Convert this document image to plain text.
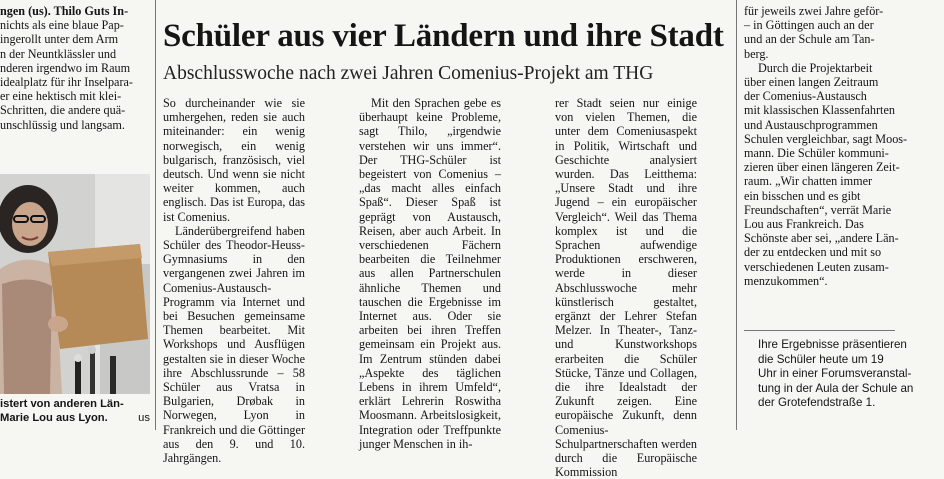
ngen (us). Thilo Guts In-

nichts als eine blaue Pap-

ingerollt unter dem Arm

n der Neuntklässler und

nderen irgendwo im Raum

idealplatz für ihr Inselpara-

er eine hektisch mit klei-

Schritten, die andere quä-

unschlüssig und langsam.

istert von anderen Län-
Marie Lou aus Lyon.	us
Schüler aus vier Ländern und ihre Stadt
Abschlusswoche nach zwei Jahren Comenius-Projekt am THG

So durcheinander wie sie umhergehen, reden sie auch miteinander: ein wenig norwegisch, ein wenig bulgarisch, französisch, viel deutsch. Und wenn sie nicht weiter kommen, auch englisch. Das ist Europa, das ist Comenius.

Länderübergreifend haben Schüler des Theodor-Heuss-Gymnasiums in den vergangenen zwei Jahren im Comenius-Austausch-Programm via Internet und bei Besuchen gemeinsame Themen bearbeitet. Mit Workshops und Ausflügen gestalten sie in dieser Woche ihre Abschlussrunde – 58 Schüler aus Vratsa in Bulgarien, Drøbak in Norwegen, Lyon in Frankreich und die Göttinger aus den 9. und 10. Jahrgängen.

Mit den Sprachen gebe es überhaupt keine Probleme, sagt Thilo, „irgendwie verstehen wir uns immer“. Der THG-Schüler ist begeistert von Comenius – „das macht alles einfach Spaß“. Dieser Spaß ist geprägt von Austausch, Reisen, aber auch Arbeit. In verschiedenen Fächern bearbeiten die Teilnehmer aus allen Partnerschulen ähnliche Themen und tauschen die Ergebnisse im Internet aus. Oder sie arbeiten bei ihren Treffen gemeinsam ein Projekt aus. Im Zentrum stünden dabei „Aspekte des täglichen Lebens in ihrem Umfeld“, erklärt Lehrerin Roswitha Moosmann. Arbeitslosigkeit, Integration oder Treffpunkte junger Menschen in ih-

rer Stadt seien nur einige von vielen Themen, die unter dem Comeniusaspekt in Politik, Wirtschaft und Geschichte analysiert wurden. Das Leitthema: „Unsere Stadt und ihre Jugend – ein europäischer Vergleich“. Weil das Thema komplex ist und die Sprachen aufwendige Produktionen erschweren, werde in dieser Abschlusswoche mehr künstlerisch gestaltet, ergänzt der Lehrer Stefan Melzer. In Theater-, Tanz- und Kunstworkshops erarbeiten die Schüler Stücke, Tänze und Collagen, die ihre Idealstadt der Zukunft zeigen. Eine europäische Zukunft, denn Comenius-Schulpartnerschaften werden durch die Europäische Kommission

für jeweils zwei Jahre geför-

– in Göttingen auch an der

und an der Schule am Tan-

berg.

Durch die Projektarbeit

über einen langen Zeitraum

der Comenius-Austausch

mit klassischen Klassenfahrten

und Austauschprogrammen

Schulen vergleichbar, sagt Moos-

mann. Die Schüler kommuni-

zieren über einen längeren Zeit-

raum. „Wir chatten immer

ein bisschen und es gibt

Freundschaften“, verrät Marie

Lou aus Frankreich. Das

Schönste aber sei, „andere Län-

der zu entdecken und mit so

verschiedenen Leuten zusam-

menzukommen“.

Ihre Ergebnisse präsentieren
die Schüler heute um 19
Uhr in einer Forumsveranstal-
tung in der Aula der Schule an
der Grotefendstraße 1.
